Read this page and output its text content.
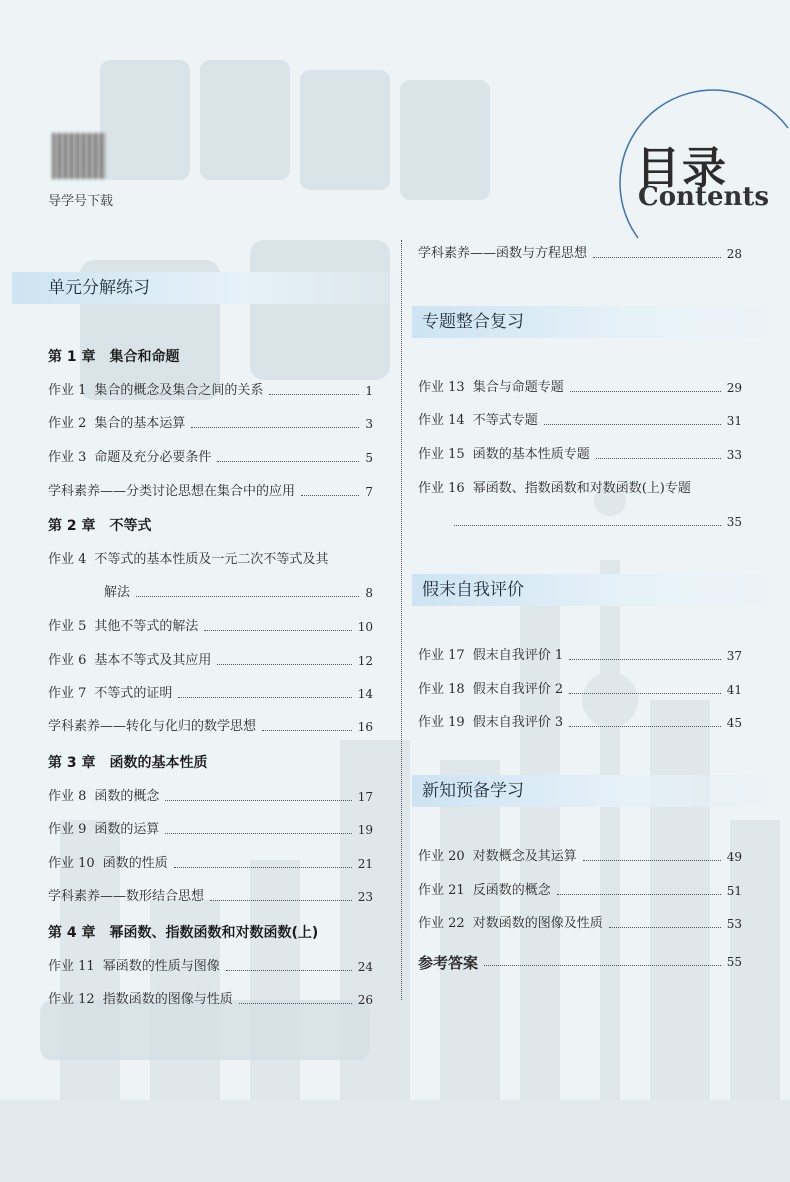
导学号下载
目录
Contents
单元分解练习
第 1 章　集合和命题
作业 1 集合的概念及集合之间的关系	1
作业 2 集合的基本运算	3
作业 3 命题及充分必要条件	5
学科素养 ——分类讨论思想在集合中的应用	7
第 2 章　不等式
作业 4 不等式的基本性质及一元二次不等式及其
解法	8
作业 5 其他不等式的解法	10
作业 6 基本不等式及其应用	12
作业 7 不等式的证明	14
学科素养 ——转化与化归的数学思想	16
第 3 章　函数的基本性质
作业 8 函数的概念	17
作业 9 函数的运算	19
作业 10 函数的性质	21
学科素养 ——数形结合思想	23
第 4 章　幂函数、指数函数和对数函数(上)
作业 11 幂函数的性质与图像	24
作业 12 指数函数的图像与性质	26
学科素养 ——函数与方程思想	28
专题整合复习
作业 13 集合与命题专题	29
作业 14 不等式专题	31
作业 15 函数的基本性质专题	33
作业 16 幂函数、指数函数和对数函数(上)专题
35
假末自我评价
作业 17 假末自我评价 1	37
作业 18 假末自我评价 2	41
作业 19 假末自我评价 3	45
新知预备学习
作业 20 对数概念及其运算	49
作业 21 反函数的概念	51
作业 22 对数函数的图像及性质	53
参考答案	55
